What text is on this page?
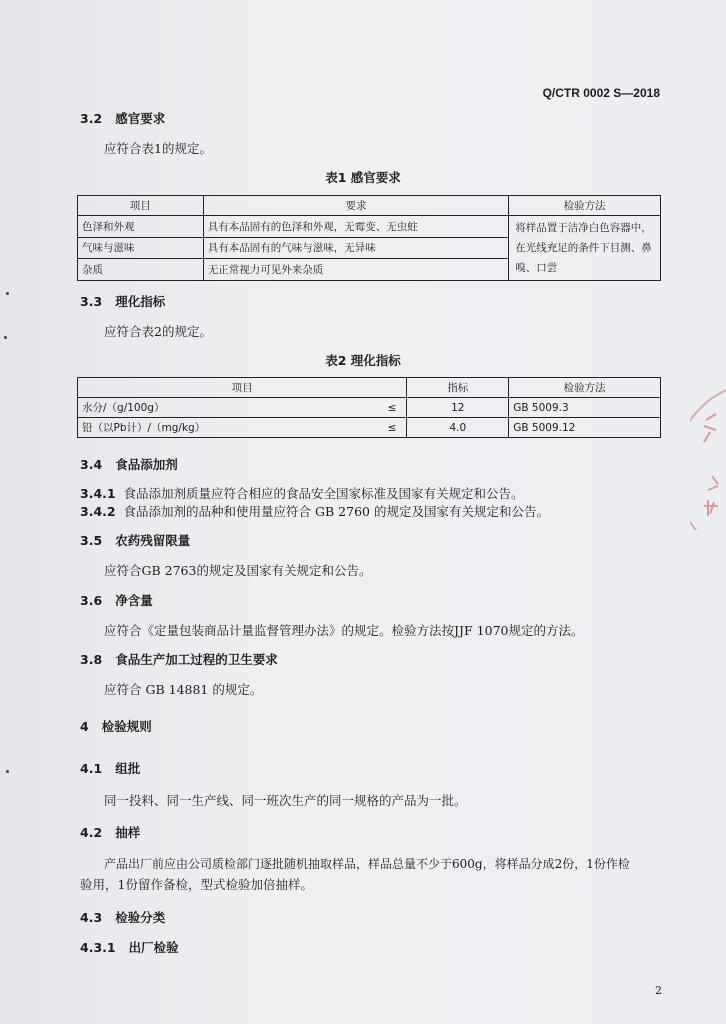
Q/CTR 0002 S—2018
3.2 感官要求
应符合表1的规定。
表1 感官要求
项目	要求	检验方法
色泽和外观	具有本品固有的色泽和外观，无霉变、无虫蛀	将样品置于洁净白色容器中，在光线充足的条件下目测、鼻嗅、口尝
气味与滋味	具有本品固有的气味与滋味，无异味	
杂质	无正常视力可见外来杂质	
3.3 理化指标
应符合表2的规定。
表2 理化指标
项目		指标	检验方法
水分/（g/100g）	≤	12	GB 5009.3
铅（以Pb计）/（mg/kg）	≤	4.0	GB 5009.12
3.4 食品添加剂
3.4.1 食品添加剂质量应符合相应的食品安全国家标准及国家有关规定和公告。
3.4.2 食品添加剂的品种和使用量应符合 GB 2760 的规定及国家有关规定和公告。
3.5 农药残留限量
应符合GB 2763的规定及国家有关规定和公告。
3.6 净含量
应符合《定量包装商品计量监督管理办法》的规定。检验方法按JJF 1070规定的方法。
3.8 食品生产加工过程的卫生要求
应符合 GB 14881 的规定。
4 检验规则
4.1 组批
同一投料、同一生产线、同一班次生产的同一规格的产品为一批。
4.2 抽样
产品出厂前应由公司质检部门逐批随机抽取样品，样品总量不少于600g，将样品分成2份，1份作检
验用，1份留作备检，型式检验加倍抽样。
4.3 检验分类
4.3.1 出厂检验
2
